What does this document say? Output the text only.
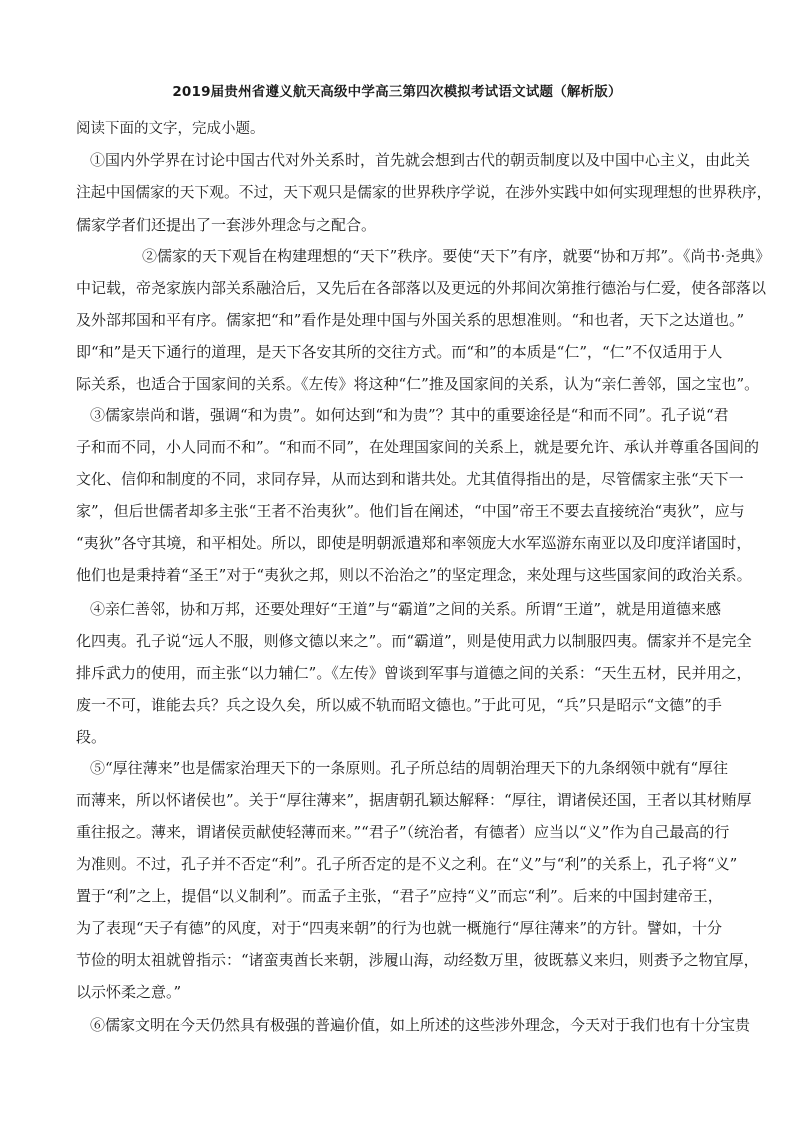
2019届贵州省遵义航天高级中学高三第四次模拟考试语文试题（解析版）
阅读下面的文字，完成小题。
①国内外学界在讨论中国古代对外关系时，首先就会想到古代的朝贡制度以及中国中心主义，由此关
注起中国儒家的天下观。不过，天下观只是儒家的世界秩序学说，在涉外实践中如何实现理想的世界秩序，
儒家学者们还提出了一套涉外理念与之配合。
②儒家的天下观旨在构建理想的“天下”秩序。要使“天下”有序，就要“协和万邦”。《尚书·尧典》
中记载，帝尧家族内部关系融洽后，又先后在各部落以及更远的外邦间次第推行德治与仁爱，使各部落以
及外部邦国和平有序。儒家把“和”看作是处理中国与外国关系的思想准则。“和也者，天下之达道也。”
即“和”是天下通行的道理，是天下各安其所的交往方式。而“和”的本质是“仁”，“仁”不仅适用于人
际关系，也适合于国家间的关系。《左传》将这种“仁”推及国家间的关系，认为“亲仁善邻，国之宝也”。
③儒家崇尚和谐，强调“和为贵”。如何达到“和为贵”？其中的重要途径是“和而不同”。孔子说“君
子和而不同，小人同而不和”。“和而不同”，在处理国家间的关系上，就是要允许、承认并尊重各国间的
文化、信仰和制度的不同，求同存异，从而达到和谐共处。尤其值得指出的是，尽管儒家主张“天下一
家”，但后世儒者却多主张“王者不治夷狄”。他们旨在阐述，“中国”帝王不要去直接统治“夷狄”，应与
“夷狄”各守其境，和平相处。所以，即使是明朝派遣郑和率领庞大水军巡游东南亚以及印度洋诸国时，
他们也是秉持着“圣王”对于“夷狄之邦，则以不治治之”的坚定理念，来处理与这些国家间的政治关系。
④亲仁善邻，协和万邦，还要处理好“王道”与“霸道”之间的关系。所谓“王道”，就是用道德来感
化四夷。孔子说“远人不服，则修文德以来之”。而“霸道”，则是使用武力以制服四夷。儒家并不是完全
排斥武力的使用，而主张“以力辅仁”。《左传》曾谈到军事与道德之间的关系：“天生五材，民并用之，
废一不可，谁能去兵？兵之设久矣，所以威不轨而昭文德也。”于此可见，“兵”只是昭示“文德”的手
段。
⑤“厚往薄来”也是儒家治理天下的一条原则。孔子所总结的周朝治理天下的九条纲领中就有“厚往
而薄来，所以怀诸侯也”。关于“厚往薄来”，据唐朝孔颖达解释：“厚往，谓诸侯还国，王者以其材贿厚
重往报之。薄来，谓诸侯贡献使轻薄而来。”“君子”（统治者，有德者）应当以“义”作为自己最高的行
为准则。不过，孔子并不否定“利”。孔子所否定的是不义之利。在“义”与“利”的关系上，孔子将“义”
置于“利”之上，提倡“以义制利”。而孟子主张，“君子”应持“义”而忘“利”。后来的中国封建帝王，
为了表现“天子有德”的风度，对于“四夷来朝”的行为也就一概施行“厚往薄来”的方针。譬如，十分
节俭的明太祖就曾指示：“诸蛮夷酋长来朝，涉履山海，动经数万里，彼既慕义来归，则赉予之物宜厚，
以示怀柔之意。”
⑥儒家文明在今天仍然具有极强的普遍价值，如上所述的这些涉外理念，今天对于我们也有十分宝贵
